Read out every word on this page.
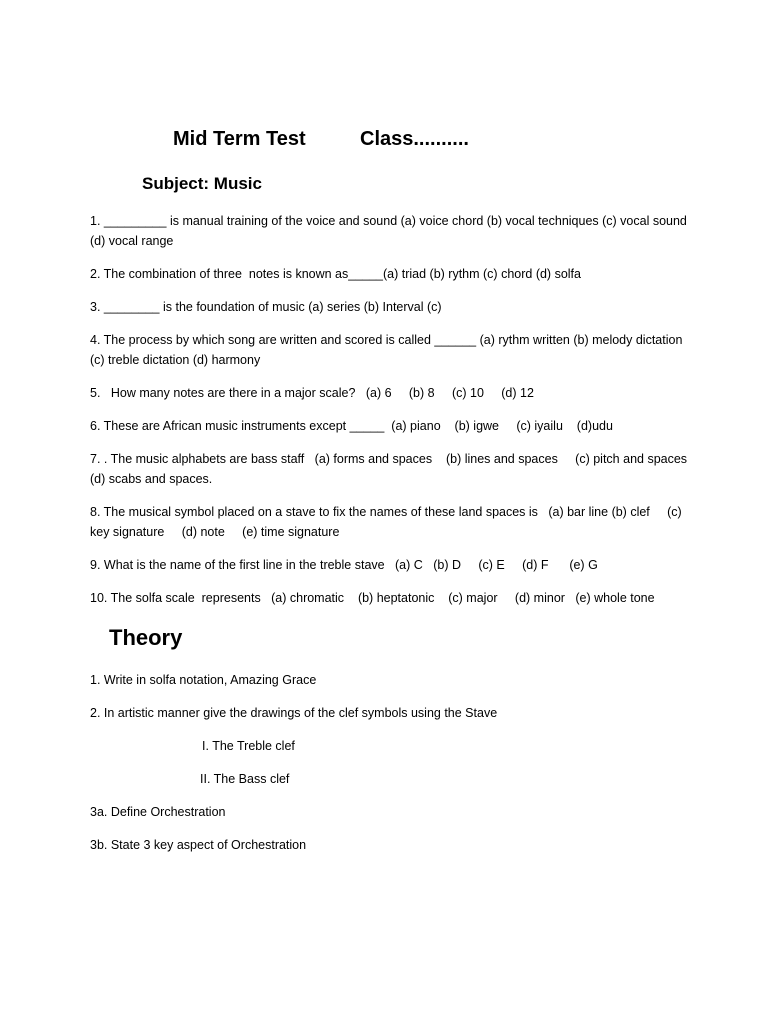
Mid Term Test	Class..........
Subject: Music

1. _________ is manual training of the voice and sound (a) voice chord (b) vocal techniques (c) vocal sound (d) vocal range

2. The combination of three  notes is known as_____(a) triad (b) rythm (c) chord (d) solfa

3. ________ is the foundation of music (a) series (b) Interval (c)

4. The process by which song are written and scored is called ______ (a) rythm written (b) melody dictation (c) treble dictation (d) harmony

5.   How many notes are there in a major scale?   (a) 6     (b) 8     (c) 10     (d) 12

6. These are African music instruments except _____  (a) piano    (b) igwe     (c) iyailu    (d)udu

7. . The music alphabets are bass staff   (a) forms and spaces    (b) lines and spaces     (c) pitch and spaces (d) scabs and spaces.

8. The musical symbol placed on a stave to fix the names of these land spaces is   (a) bar line (b) clef     (c) key signature     (d) note     (e) time signature

9. What is the name of the first line in the treble stave   (a) C   (b) D     (c) E     (d) F      (e) G

10. The solfa scale  represents   (a) chromatic    (b) heptatonic    (c) major     (d) minor   (e) whole tone

Theory

1. Write in solfa notation, Amazing Grace

2. In artistic manner give the drawings of the clef symbols using the Stave

I. The Treble clef

II. The Bass clef

3a. Define Orchestration

3b. State 3 key aspect of Orchestration
